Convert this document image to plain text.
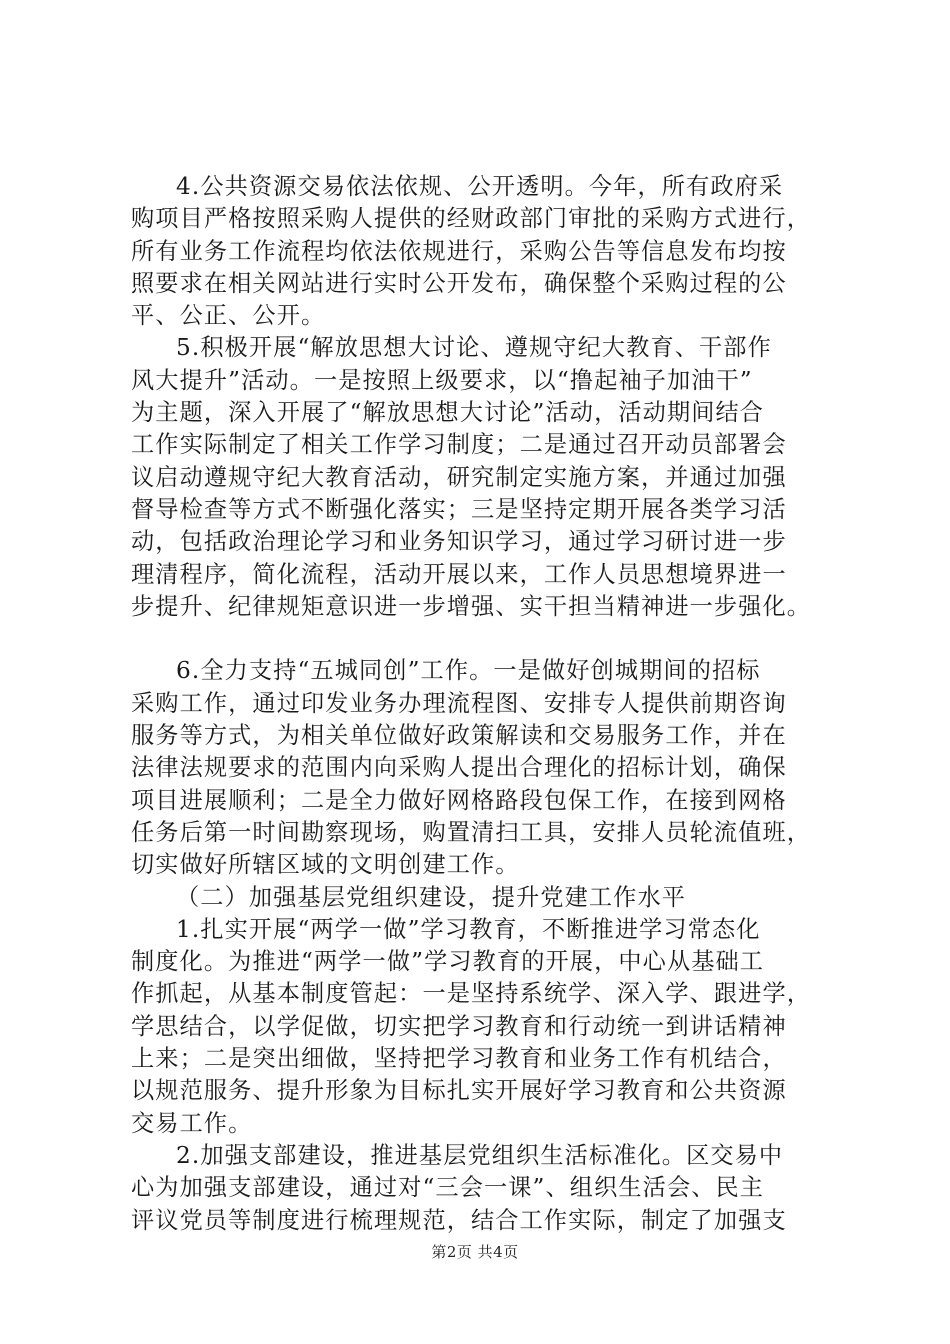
4.公共资源交易依法依规、公开透明。今年，所有政府采
购项目严格按照采购人提供的经财政部门审批的采购方式进行，
所有业务工作流程均依法依规进行，采购公告等信息发布均按
照要求在相关网站进行实时公开发布，确保整个采购过程的公
平、公正、公开。
5.积极开展“解放思想大讨论、遵规守纪大教育、干部作
风大提升”活动。一是按照上级要求，以“撸起袖子加油干”
为主题，深入开展了“解放思想大讨论”活动，活动期间结合
工作实际制定了相关工作学习制度；二是通过召开动员部署会
议启动遵规守纪大教育活动，研究制定实施方案，并通过加强
督导检查等方式不断强化落实；三是坚持定期开展各类学习活
动，包括政治理论学习和业务知识学习，通过学习研讨进一步
理清程序，简化流程，活动开展以来，工作人员思想境界进一
步提升、纪律规矩意识进一步增强、实干担当精神进一步强化。
6.全力支持“五城同创”工作。一是做好创城期间的招标
采购工作，通过印发业务办理流程图、安排专人提供前期咨询
服务等方式，为相关单位做好政策解读和交易服务工作，并在
法律法规要求的范围内向采购人提出合理化的招标计划，确保
项目进展顺利；二是全力做好网格路段包保工作，在接到网格
任务后第一时间勘察现场，购置清扫工具，安排人员轮流值班，
切实做好所辖区域的文明创建工作。
（二）加强基层党组织建设，提升党建工作水平
1.扎实开展“两学一做”学习教育，不断推进学习常态化
制度化。为推进“两学一做”学习教育的开展，中心从基础工
作抓起，从基本制度管起：一是坚持系统学、深入学、跟进学，
学思结合，以学促做，切实把学习教育和行动统一到讲话精神
上来；二是突出细做，坚持把学习教育和业务工作有机结合，
以规范服务、提升形象为目标扎实开展好学习教育和公共资源
交易工作。
2.加强支部建设，推进基层党组织生活标准化。区交易中
心为加强支部建设，通过对“三会一课”、组织生活会、民主
评议党员等制度进行梳理规范，结合工作实际，制定了加强支
第2页 共4页
